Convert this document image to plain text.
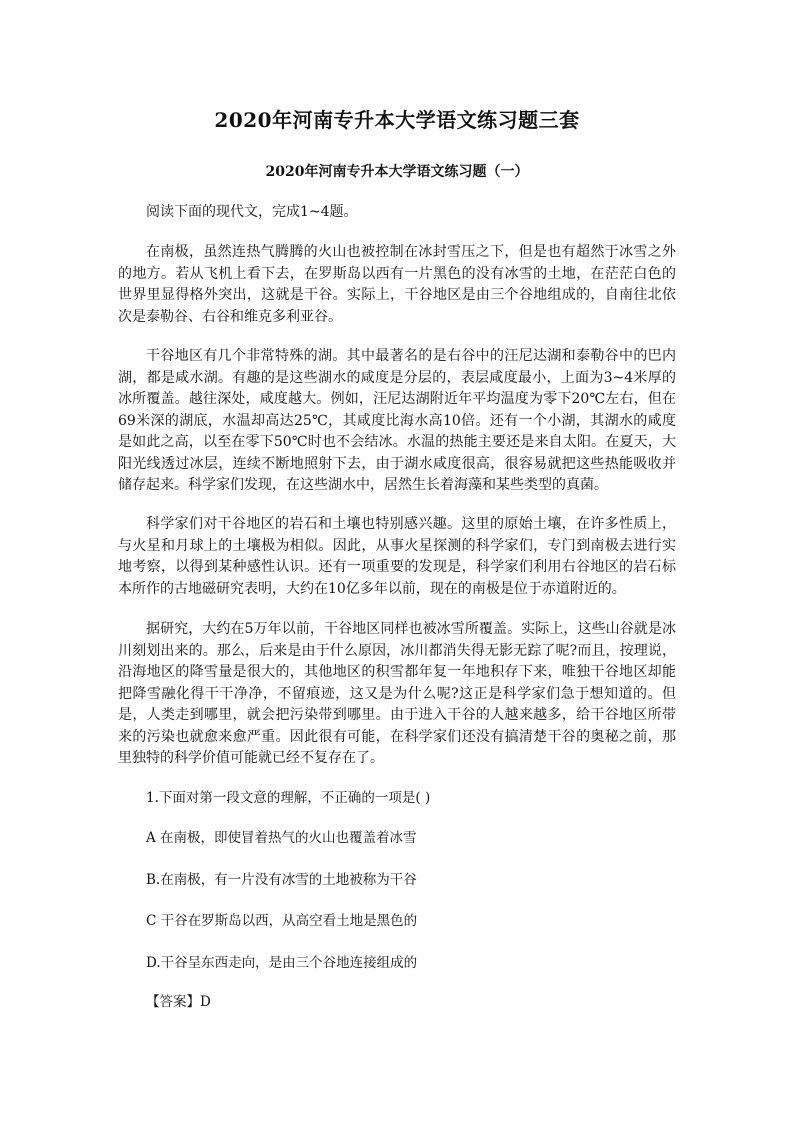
2020年河南专升本大学语文练习题三套
2020年河南专升本大学语文练习题（一）

阅读下面的现代文，完成1~4题。

在南极，虽然连热气腾腾的火山也被控制在冰封雪压之下，但是也有超然于冰雪之外的地方。若从飞机上看下去，在罗斯岛以西有一片黑色的没有冰雪的土地，在茫茫白色的世界里显得格外突出，这就是干谷。实际上，干谷地区是由三个谷地组成的，自南往北依次是泰勒谷、右谷和维克多利亚谷。

干谷地区有几个非常特殊的湖。其中最著名的是右谷中的汪尼达湖和泰勒谷中的巴内湖，都是咸水湖。有趣的是这些湖水的咸度是分层的，表层咸度最小，上面为3~4米厚的冰所覆盖。越往深处，咸度越大。例如，汪尼达湖附近年平均温度为零下20℃左右，但在69米深的湖底，水温却高达25℃，其咸度比海水高10倍。还有一个小湖，其湖水的咸度是如此之高，以至在零下50℃时也不会结冰。水温的热能主要还是来自太阳。在夏天，大阳光线透过冰层，连续不断地照射下去，由于湖水咸度很高，很容易就把这些热能吸收并储存起来。科学家们发现，在这些湖水中，居然生长着海藻和某些类型的真菌。

科学家们对干谷地区的岩石和土壤也特别感兴趣。这里的原始土壤，在许多性质上，与火星和月球上的土壤极为相似。因此，从事火星探测的科学家们，专门到南极去进行实地考察，以得到某种感性认识。还有一项重要的发现是，科学家们利用右谷地区的岩石标本所作的古地磁研究表明，大约在10亿多年以前，现在的南极是位于赤道附近的。

据研究，大约在5万年以前，干谷地区同样也被冰雪所覆盖。实际上，这些山谷就是冰川刻划出来的。那么，后来是由于什么原因，冰川都消失得无影无踪了呢?而且，按理说，沿海地区的降雪量是很大的，其他地区的积雪都年复一年地积存下来，唯独干谷地区却能把降雪融化得干干净净，不留痕迹，这又是为什么呢?这正是科学家们急于想知道的。但是，人类走到哪里，就会把污染带到哪里。由于进入干谷的人越来越多，给干谷地区所带来的污染也就愈来愈严重。因此很有可能，在科学家们还没有搞清楚干谷的奥秘之前，那里独特的科学价值可能就已经不复存在了。

1.下面对第一段文意的理解，不正确的一项是( )
A 在南极，即使冒着热气的火山也覆盖着冰雪
B.在南极，有一片没有冰雪的土地被称为干谷
C 干谷在罗斯岛以西，从高空看土地是黑色的
D.干谷呈东西走向，是由三个谷地连接组成的
【答案】D
